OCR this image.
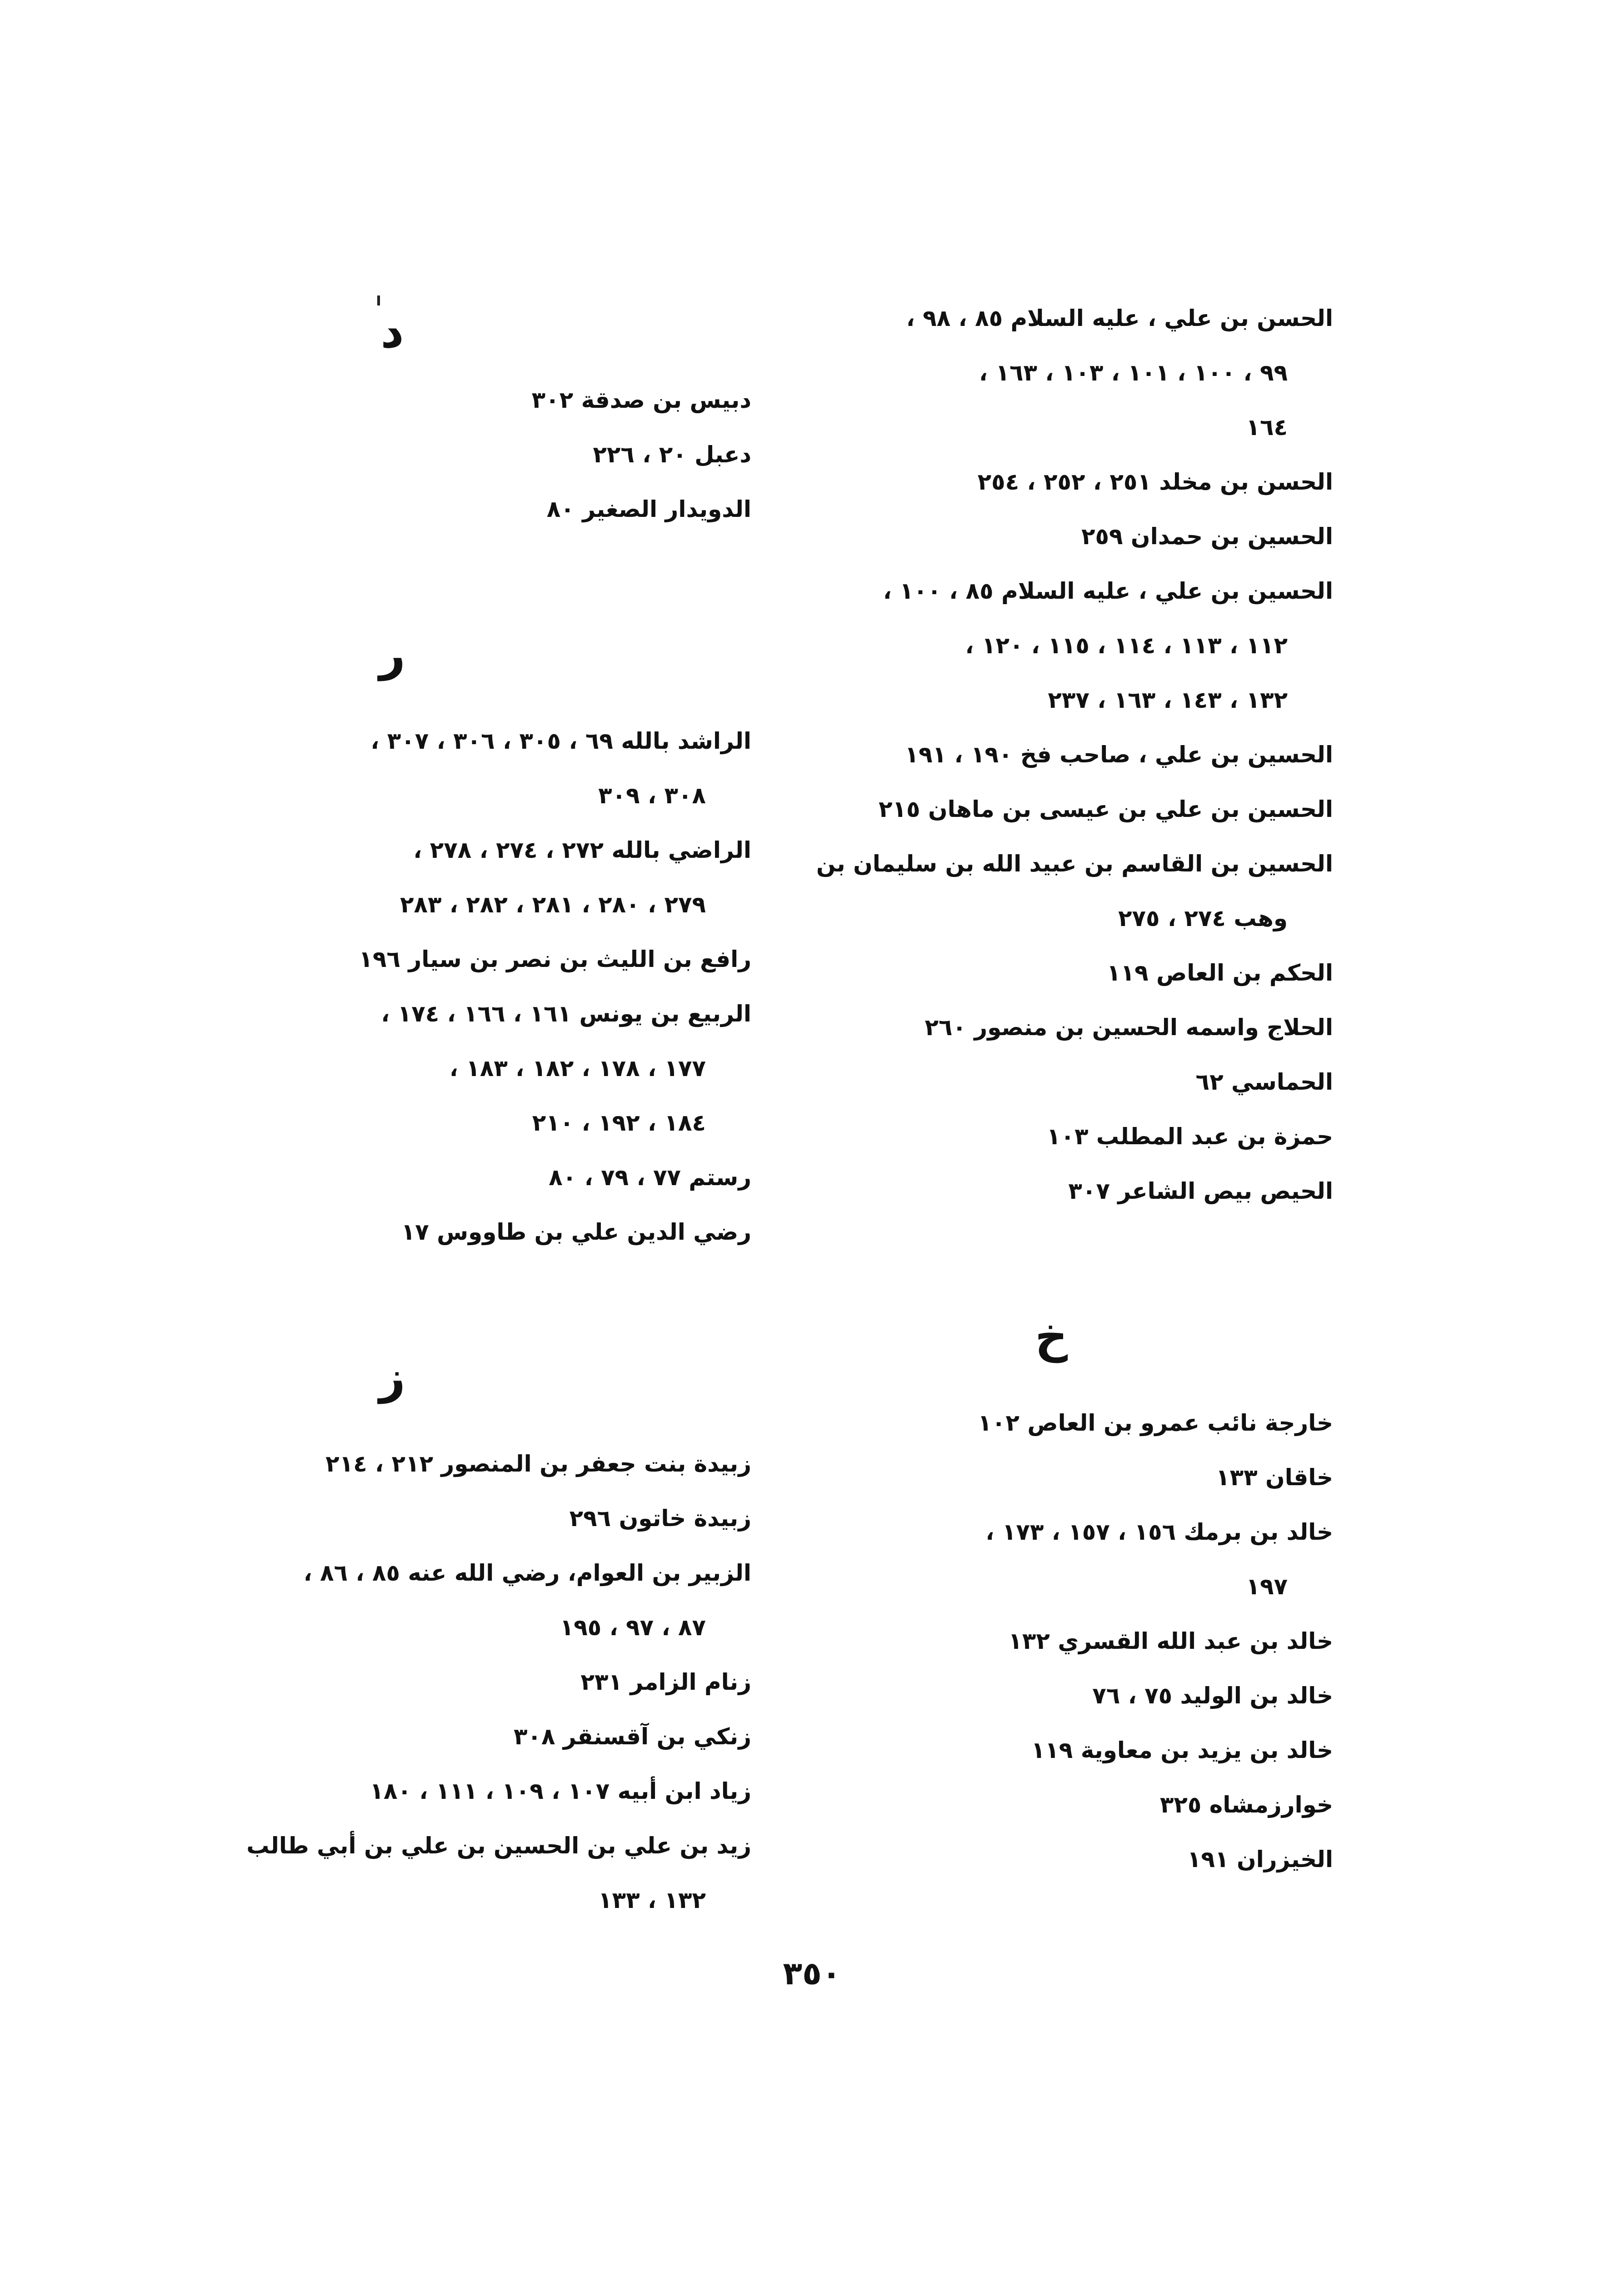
الحسن بن علي ، عليه السلام ٨٥ ، ٩٨ ،
٩٩ ، ١٠٠ ، ١٠١ ، ١٠٣ ، ١٦٣ ،
١٦٤
الحسن بن مخلد ٢٥١ ، ٢٥٢ ، ٢٥٤
الحسين بن حمدان ٢٥٩
الحسين بن علي ، عليه السلام ٨٥ ، ١٠٠ ،
١١٢ ، ١١٣ ، ١١٤ ، ١١٥ ، ١٢٠ ،
١٣٢ ، ١٤٣ ، ١٦٣ ، ٢٣٧
الحسين بن علي ، صاحب فخ ١٩٠ ، ١٩١
الحسين بن علي بن عيسى بن ماهان ٢١٥
الحسين بن القاسم بن عبيد الله بن سليمان بن
وهب ٢٧٤ ، ٢٧٥
الحكم بن العاص ١١٩
الحلاج واسمه الحسين بن منصور ٢٦٠
الحماسي ٦٢
حمزة بن عبد المطلب ١٠٣
الحيص بيص الشاعر ٣٠٧
خ
خارجة نائب عمرو بن العاص ١٠٢
خاقان ١٣٣
خالد بن برمك ١٥٦ ، ١٥٧ ، ١٧٣ ،
١٩٧
خالد بن عبد الله القسري ١٣٢
خالد بن الوليد ٧٥ ، ٧٦
خالد بن يزيد بن معاوية ١١٩
خوارزمشاه ٣٢٥
الخيزران ١٩١
د
دبيس بن صدقة ٣٠٢
دعبل ٢٠ ، ٢٢٦
الدويدار الصغير ٨٠
ر
الراشد بالله ٦٩ ، ٣٠٥ ، ٣٠٦ ، ٣٠٧ ،
٣٠٨ ، ٣٠٩
الراضي بالله ٢٧٢ ، ٢٧٤ ، ٢٧٨ ،
٢٧٩ ، ٢٨٠ ، ٢٨١ ، ٢٨٢ ، ٢٨٣
رافع بن الليث بن نصر بن سيار ١٩٦
الربيع بن يونس ١٦١ ، ١٦٦ ، ١٧٤ ،
١٧٧ ، ١٧٨ ، ١٨٢ ، ١٨٣ ،
١٨٤ ، ١٩٢ ، ٢١٠
رستم ٧٧ ، ٧٩ ، ٨٠
رضي الدين علي بن طاووس ١٧
ز
زبيدة بنت جعفر بن المنصور ٢١٢ ، ٢١٤
زبيدة خاتون ٢٩٦
الزبير بن العوام، رضي الله عنه ٨٥ ، ٨٦ ،
٨٧ ، ٩٧ ، ١٩٥
زنام الزامر ٢٣١
زنكي بن آقسنقر ٣٠٨
زياد ابن أبيه ١٠٧ ، ١٠٩ ، ١١١ ، ١٨٠
زيد بن علي بن الحسين بن علي بن أبي طالب
١٣٢ ، ١٣٣
٣٥٠
